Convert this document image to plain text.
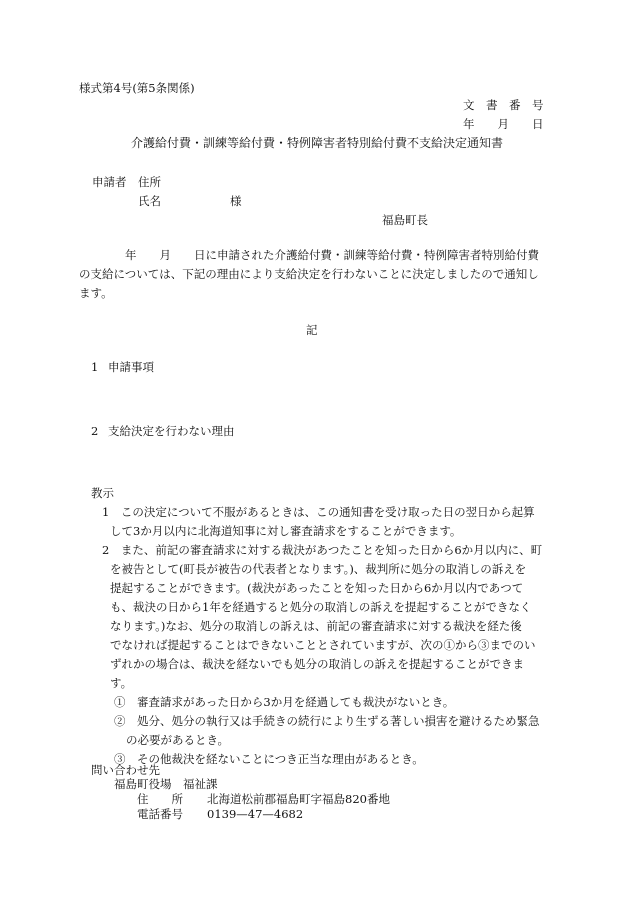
様式第4号(第5条関係)
文　書　番　号
年　　月　　日
介護給付費・訓練等給付費・特例障害者特別給付費不支給決定通知書
申請者 住所
氏名	様
福島町長
年　　月　　日に申請された介護給付費・訓練等給付費・特例障害者特別給付費
の支給については、下記の理由により支給決定を行わないことに決定しましたので通知し
ます。
記
1 申請事項
2 支給決定を行わない理由
教示
1　この決定について不服があるときは、この通知書を受け取った日の翌日から起算
して3か月以内に北海道知事に対し審査請求をすることができます。
2　また、前記の審査請求に対する裁決があつたことを知った日から6か月以内に、町
を被告として(町長が被告の代表者となります。)、裁判所に処分の取消しの訴えを
提起することができます。(裁決があったことを知った日から6か月以内であつて
も、裁決の日から1年を経過すると処分の取消しの訴えを提起することができなく
なります。)なお、処分の取消しの訴えは、前記の審査請求に対する裁決を経た後
でなければ提起することはできないこととされていますが、次の①から③までのい
ずれかの場合は、裁決を経ないでも処分の取消しの訴えを提起することができま
す。
①　審査請求があった日から3か月を経過しても裁決がないとき。
②　処分、処分の執行又は手続きの続行により生ずる著しい損害を避けるため緊急
の必要があるとき。
③　その他裁決を経ないことにつき正当な理由があるとき。
問い合わせ先
福島町役場　福祉課
住　　所 北海道松前郡福島町字福島820番地
電話番号 0139—47—4682
